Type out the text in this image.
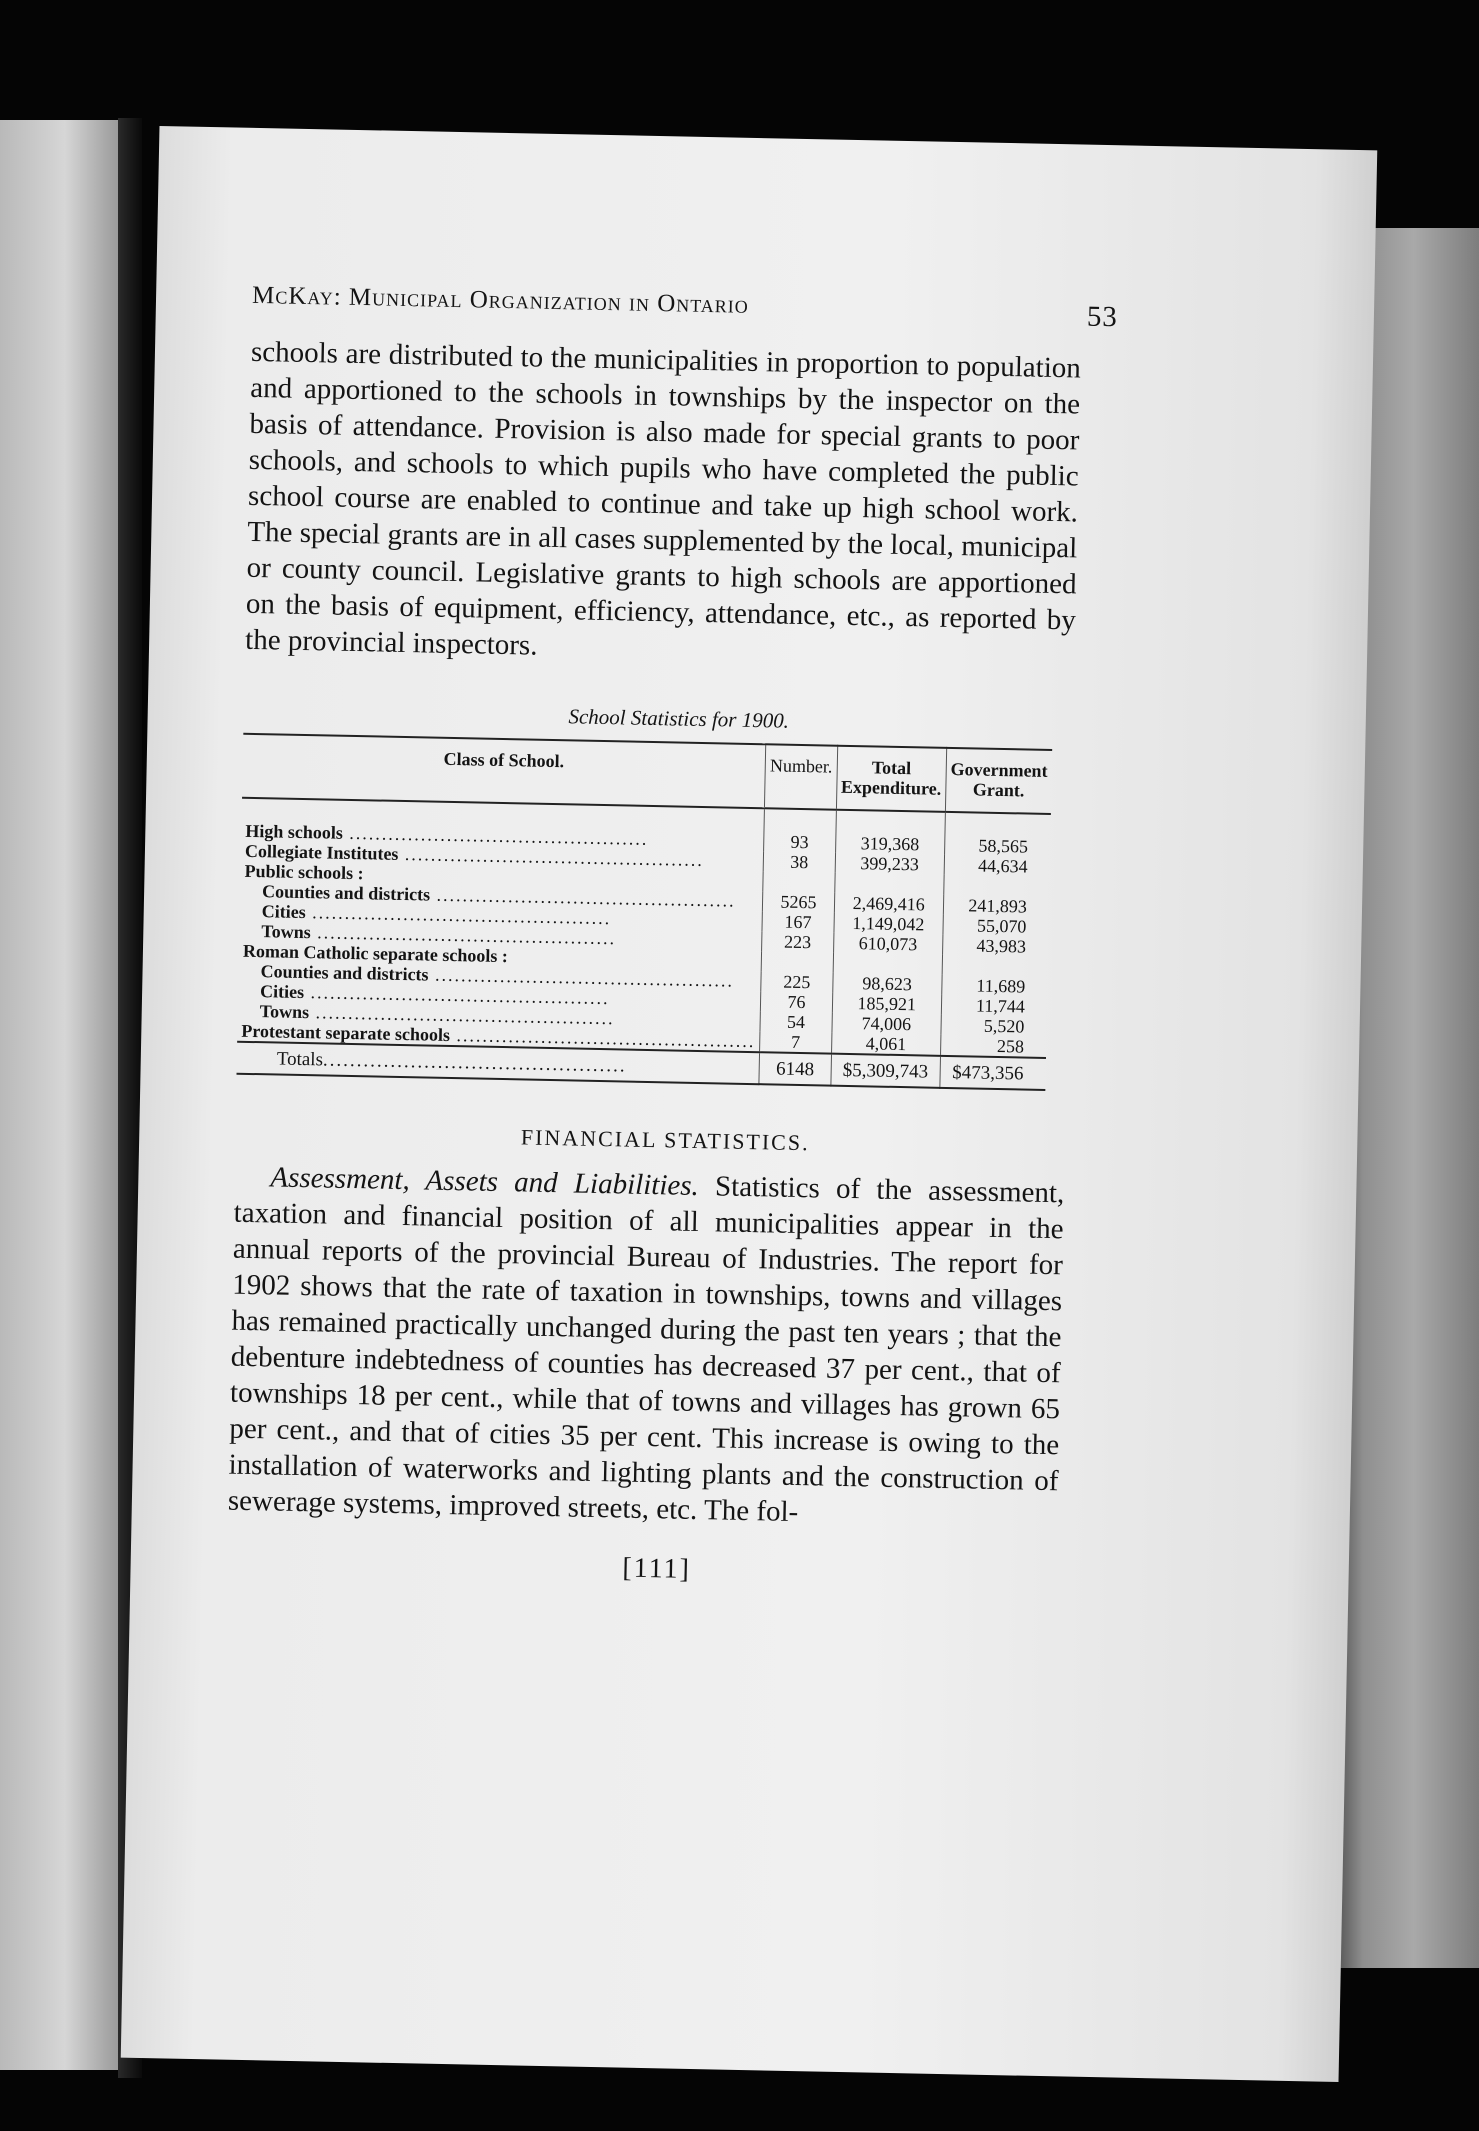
McKay: Municipal Organization in Ontario	53

schools are distributed to the municipalities in proportion to population and apportioned to the schools in townships by the inspector on the basis of attendance. Provision is also made for special grants to poor schools, and schools to which pupils who have completed the public school course are enabled to continue and take up high school work. The special grants are in all cases supplemented by the local, municipal or county council. Legislative grants to high schools are apportioned on the basis of equipment, efficiency, attendance, etc., as reported by the provincial inspectors.

School Statistics for 1900.
Class of School.	Number.	Total Expenditure.	Government Grant.
High schools ..............................................	93	319,368	58,565
Collegiate Institutes ..............................................	38	399,233	44,634
Public schools :			
Counties and districts ..............................................	5265	2,469,416	241,893
Cities ..............................................	167	1,149,042	55,070
Towns ..............................................	223	610,073	43,983
Roman Catholic separate schools :			
Counties and districts ..............................................	225	98,623	11,689
Cities ..............................................	76	185,921	11,744
Towns ..............................................	54	74,006	5,520
Protestant separate schools ..............................................	7	4,061	258
Totals.............................................	6148	$5,309,743	$473,356
FINANCIAL STATISTICS.

Assessment, Assets and Liabilities. Statistics of the assessment, taxation and financial position of all municipalities appear in the annual reports of the provincial Bureau of Industries. The report for 1902 shows that the rate of taxation in townships, towns and villages has remained practically unchanged during the past ten years ; that the debenture indebtedness of counties has decreased 37 per cent., that of townships 18 per cent., while that of towns and villages has grown 65 per cent., and that of cities 35 per cent. This increase is owing to the installation of waterworks and lighting plants and the construction of sewerage systems, improved streets, etc. The fol-

[111]
